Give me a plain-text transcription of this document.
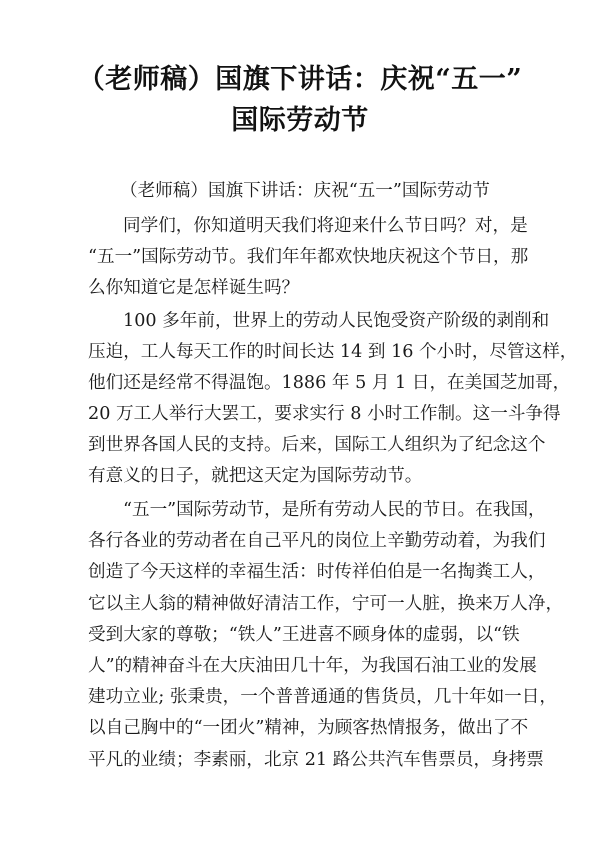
（老师稿）国旗下讲话：庆祝“五一”
国际劳动节
（老师稿）国旗下讲话：庆祝“五一”国际劳动节
同学们，你知道明天我们将迎来什么节日吗？对，是
“五一”国际劳动节。我们年年都欢快地庆祝这个节日，那
么你知道它是怎样诞生吗？
100 多年前，世界上的劳动人民饱受资产阶级的剥削和
压迫，工人每天工作的时间长达 14 到 16 个小时，尽管这样，
他们还是经常不得温饱。1886 年 5 月 1 日，在美国芝加哥，
20 万工人举行大罢工，要求实行 8 小时工作制。这一斗争得
到世界各国人民的支持。后来，国际工人组织为了纪念这个
有意义的日子，就把这天定为国际劳动节。
“五一”国际劳动节，是所有劳动人民的节日。在我国，
各行各业的劳动者在自己平凡的岗位上辛勤劳动着，为我们
创造了今天这样的幸福生活：时传祥伯伯是一名掏粪工人，
它以主人翁的精神做好清洁工作，宁可一人脏，换来万人净，
受到大家的尊敬；“铁人”王进喜不顾身体的虚弱，以“铁
人”的精神奋斗在大庆油田几十年，为我国石油工业的发展
建功立业; 张秉贵，一个普普通通的售货员，几十年如一日，
以自己胸中的“一团火”精神，为顾客热情报务，做出了不
平凡的业绩；李素丽，北京 21 路公共汽车售票员，身拷票
